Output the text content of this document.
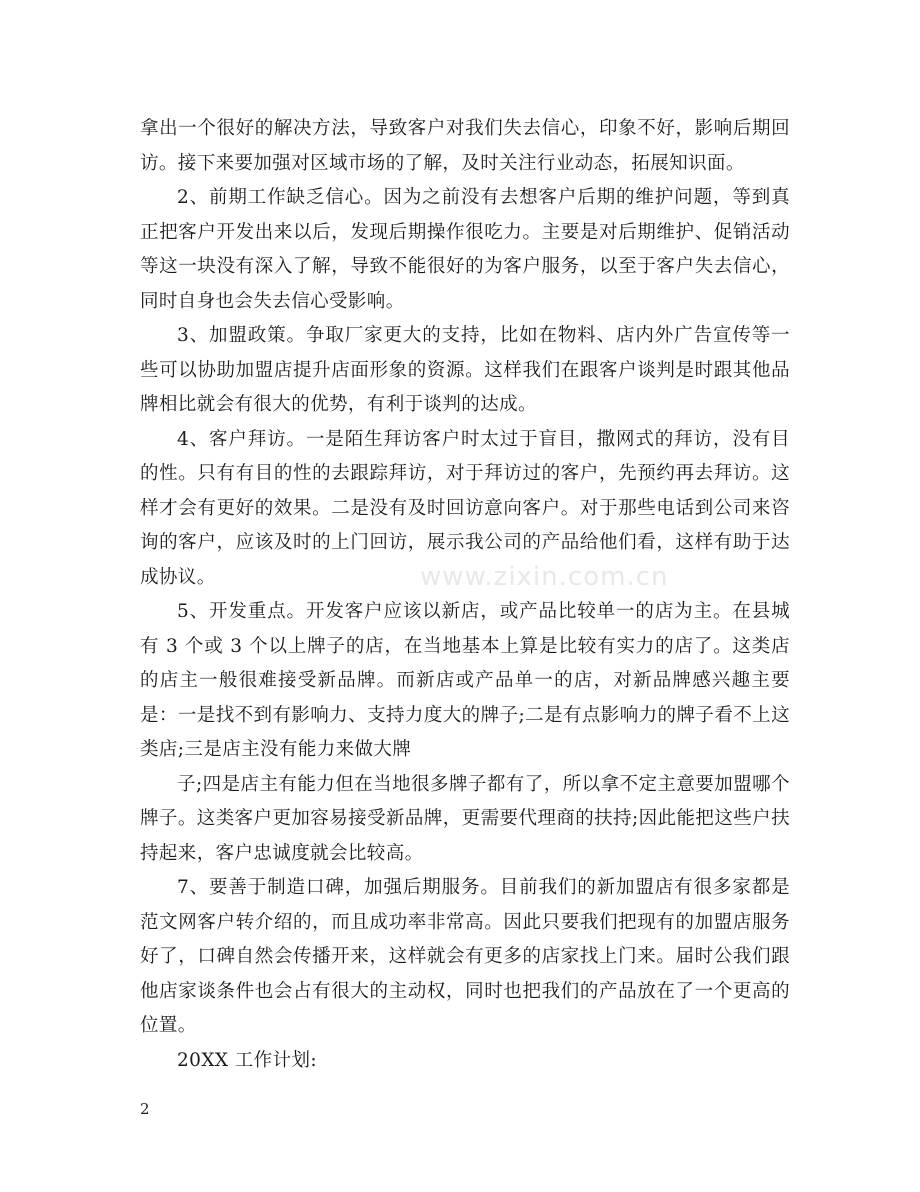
拿出一个很好的解决方法，导致客户对我们失去信心，印象不好，影响后期回访。接下来要加强对区域市场的了解，及时关注行业动态，拓展知识面。

2、前期工作缺乏信心。因为之前没有去想客户后期的维护问题，等到真正把客户开发出来以后，发现后期操作很吃力。主要是对后期维护、促销活动等这一块没有深入了解，导致不能很好的为客户服务，以至于客户失去信心，同时自身也会失去信心受影响。

3、加盟政策。争取厂家更大的支持，比如在物料、店内外广告宣传等一些可以协助加盟店提升店面形象的资源。这样我们在跟客户谈判是时跟其他品牌相比就会有很大的优势，有利于谈判的达成。

4、客户拜访。一是陌生拜访客户时太过于盲目，撒网式的拜访，没有目的性。只有有目的性的去跟踪拜访，对于拜访过的客户，先预约再去拜访。这样才会有更好的效果。二是没有及时回访意向客户。对于那些电话到公司来咨询的客户，应该及时的上门回访，展示我公司的产品给他们看，这样有助于达成协议。

5、开发重点。开发客户应该以新店，或产品比较单一的店为主。在县城有 3 个或 3 个以上牌子的店，在当地基本上算是比较有实力的店了。这类店的店主一般很难接受新品牌。而新店或产品单一的店，对新品牌感兴趣主要是：一是找不到有影响力、支持力度大的牌子;二是有点影响力的牌子看不上这类店;三是店主没有能力来做大牌

子;四是店主有能力但在当地很多牌子都有了，所以拿不定主意要加盟哪个牌子。这类客户更加容易接受新品牌，更需要代理商的扶持;因此能把这些户扶持起来，客户忠诚度就会比较高。

7、要善于制造口碑，加强后期服务。目前我们的新加盟店有很多家都是范文网客户转介绍的，而且成功率非常高。因此只要我们把现有的加盟店服务好了，口碑自然会传播开来，这样就会有更多的店家找上门来。届时公我们跟他店家谈条件也会占有很大的主动权，同时也把我们的产品放在了一个更高的位置。

20XX 工作计划:

www.zixin.com.cn
2
